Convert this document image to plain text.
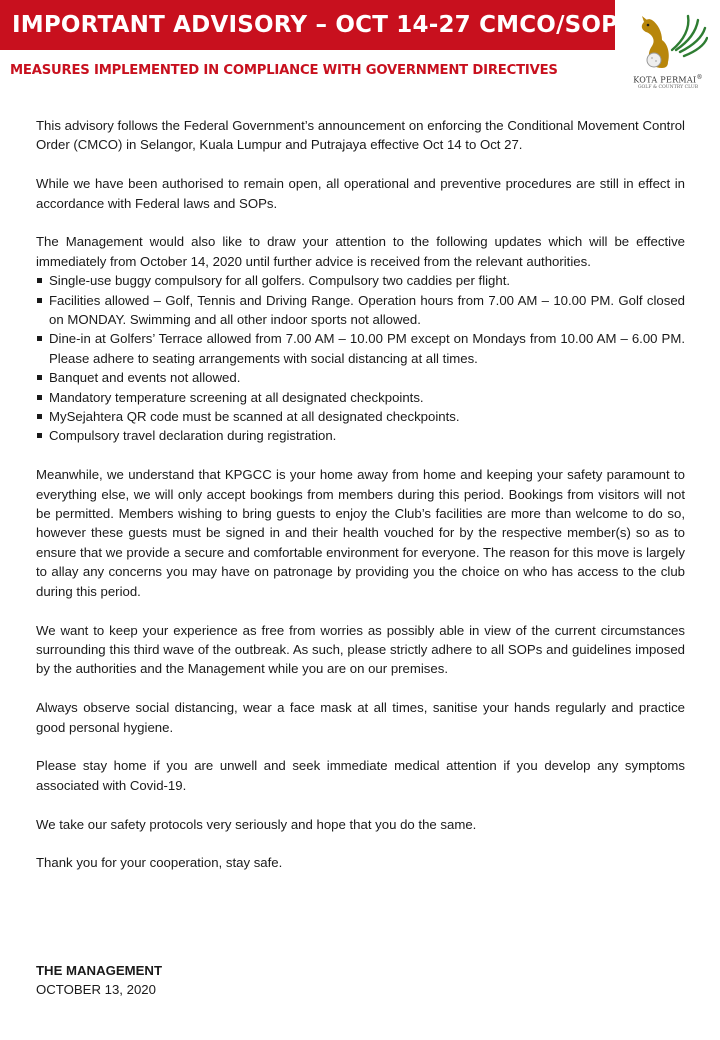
IMPORTANT ADVISORY – OCT 14-27 CMCO/SOP
MEASURES IMPLEMENTED IN COMPLIANCE WITH GOVERNMENT DIRECTIVES
KOTA PERMAI®
GOLF & COUNTRY CLUB

This advisory follows the Federal Government’s announcement on enforcing the Conditional Movement Control Order (CMCO) in Selangor, Kuala Lumpur and Putrajaya effective Oct 14 to Oct 27.

While we have been authorised to remain open, all operational and preventive procedures are still in effect in accordance with Federal laws and SOPs.

The Management would also like to draw your attention to the following updates which will be effective immediately from October 14, 2020 until further advice is received from the relevant authorities.

Single-use buggy compulsory for all golfers. Compulsory two caddies per flight.
Facilities allowed – Golf, Tennis and Driving Range. Operation hours from 7.00 AM – 10.00 PM. Golf closed on MONDAY. Swimming and all other indoor sports not allowed.
Dine-in at Golfers’ Terrace allowed from 7.00 AM – 10.00 PM except on Mondays from 10.00 AM – 6.00 PM. Please adhere to seating arrangements with social distancing at all times.
Banquet and events not allowed.
Mandatory temperature screening at all designated checkpoints.
MySejahtera QR code must be scanned at all designated checkpoints.
Compulsory travel declaration during registration.

Meanwhile, we understand that KPGCC is your home away from home and keeping your safety paramount to everything else, we will only accept bookings from members during this period. Bookings from visitors will not be permitted. Members wishing to bring guests to enjoy the Club’s facilities are more than welcome to do so, however these guests must be signed in and their health vouched for by the respective member(s) so as to ensure that we provide a secure and comfortable environment for everyone. The reason for this move is largely to allay any concerns you may have on patronage by providing you the choice on who has access to the club during this period.

We want to keep your experience as free from worries as possibly able in view of the current circumstances surrounding this third wave of the outbreak. As such, please strictly adhere to all SOPs and guidelines imposed by the authorities and the Management while you are on our premises.

Always observe social distancing, wear a face mask at all times, sanitise your hands regularly and practice good personal hygiene.

Please stay home if you are unwell and seek immediate medical attention if you develop any symptoms associated with Covid-19.

We take our safety protocols very seriously and hope that you do the same.

Thank you for your cooperation, stay safe.

THE MANAGEMENT
OCTOBER 13, 2020
